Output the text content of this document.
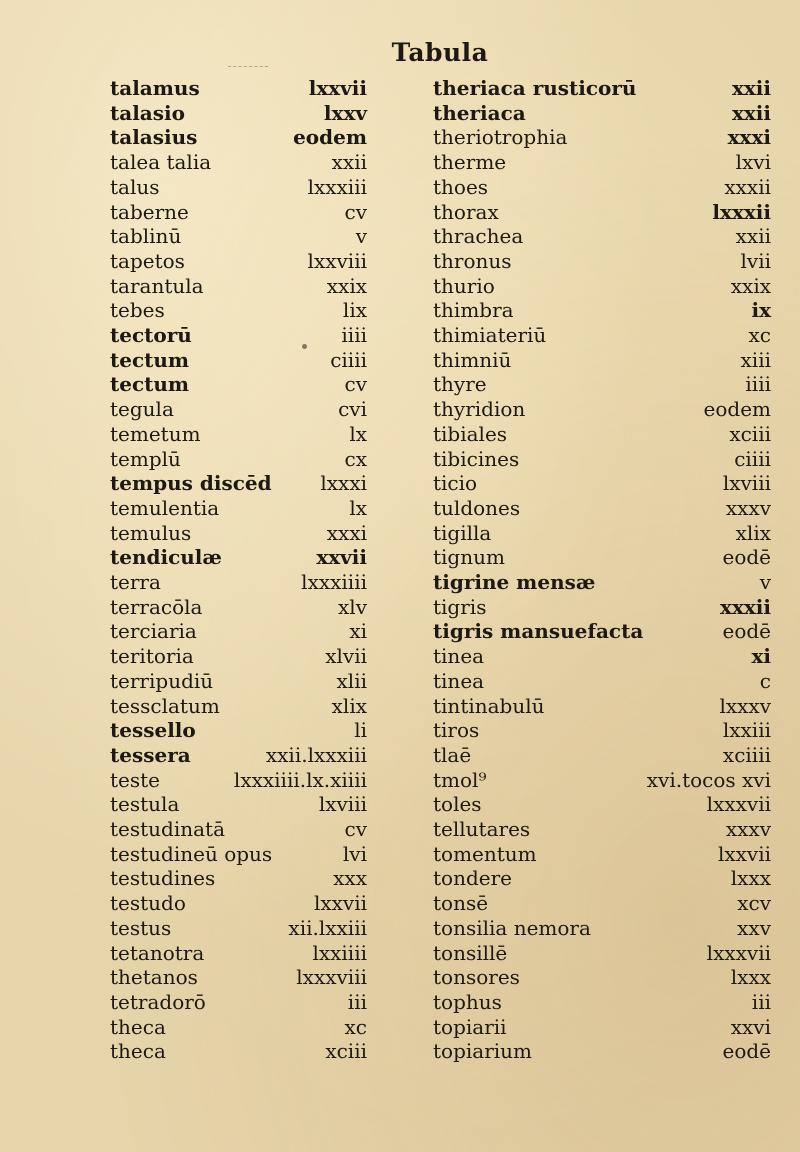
Tabula
talamus	lxxvii	theriaca rusticorū	xxii
talasio	lxxv	theriaca	xxii
talasius	eodem	theriotrophia	xxxi
talea talia	xxii	therme	lxvi
talus	lxxxiii	thoes	xxxii
taberne	cv	thorax	lxxxii
tablinū	v	thrachea	xxii
tapetos	lxxviii	thronus	lvii
tarantula	xxix	thurio	xxix
tebes	lix	thimbra	ix
tectorū	iiii	thimiateriū	xc
tectum	ciiii	thimniū	xiii
tectum	cv	thyre	iiii
tegula	cvi	thyridion	eodem
temetum	lx	tibiales	xciii
templū	cx	tibicines	ciiii
tempus discēd lxxxi	ticio	lxviii
temulentia	lx	tuldones	xxxv
temulus	xxxi	tigilla	xlix
tendiculæ	xxvii	tignum	eodē
terra	lxxxiiii	tigrine mensæ	v
terracōla	xlv	tigris	xxxii
terciaria	xi	tigris mansuefacta	eodē
teritoria	xlvii	tinea	xi
terripudiū	xlii	tinea	c
tessclatum	xlix	tintinabulū	lxxxv
tessello	li	tiros	lxxiii
tessera	xxii.lxxxiii	tlaē	xciiii
teste	lxxxiiii.lx.xiiii	tmol⁹	xvi.tocos xvi
testula	lxviii	toles	lxxxvii
testudinatā	cv	tellutares	xxxv
testudineū opus	lvi	tomentum	lxxvii
testudines	xxx	tondere	lxxx
testudo	lxxvii	tonsē	xcv
testus	xii.lxxiii	tonsilia nemora	xxv
tetanotra	lxxiiii	tonsillē	lxxxvii
thetanos	lxxxviii	tonsores	lxxx
tetradorō	iii	tophus	iii
theca	xc	topiarii	xxvi
theca	xciii	topiarium	eodē
